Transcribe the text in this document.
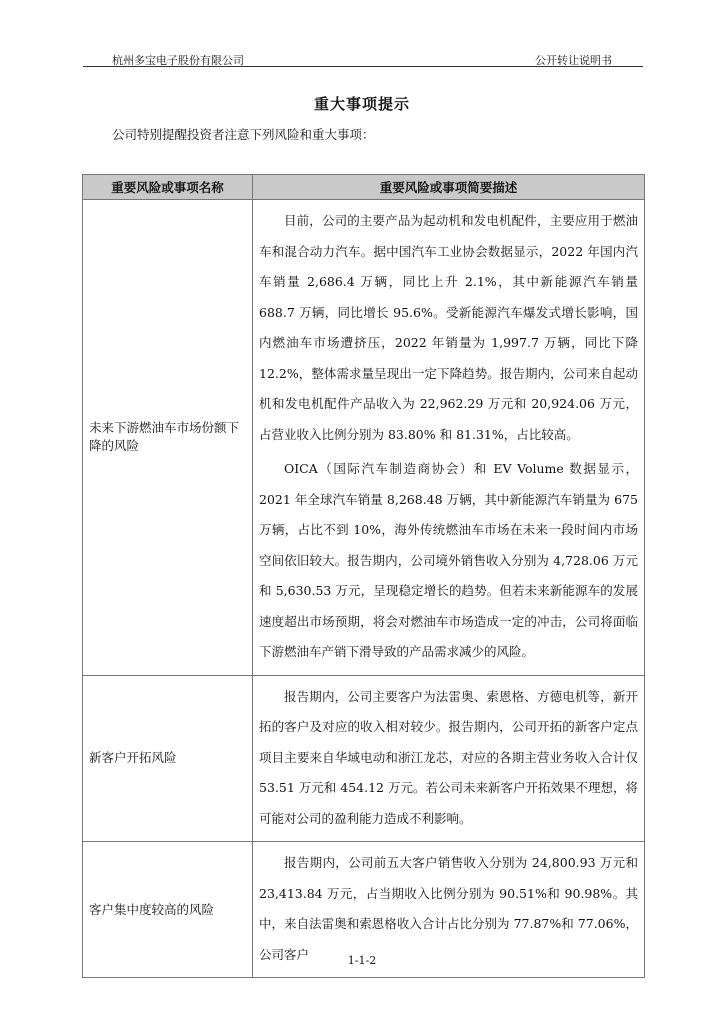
杭州多宝电子股份有限公司	公开转让说明书
重大事项提示
公司特别提醒投资者注意下列风险和重大事项：
重要风险或事项名称	重要风险或事项简要描述
未来下游燃油车市场份额下降的风险	目前，公司的主要产品为起动机和发电机配件，主要应用于燃油车和混合动力汽车。据中国汽车工业协会数据显示，2022 年国内汽车销量 2,686.4 万辆，同比上升 2.1%，其中新能源汽车销量 688.7 万辆，同比增长 95.6%。受新能源汽车爆发式增长影响，国内燃油车市场遭挤压，2022 年销量为 1,997.7 万辆，同比下降 12.2%，整体需求量呈现出一定下降趋势。报告期内，公司来自起动机和发电机配件产品收入为 22,962.29 万元和 20,924.06 万元，占营业收入比例分别为 83.80% 和 81.31%，占比较高。

OICA（国际汽车制造商协会）和 EV Volume 数据显示，2021 年全球汽车销量 8,268.48 万辆，其中新能源汽车销量为 675 万辆，占比不到 10%，海外传统燃油车市场在未来一段时间内市场空间依旧较大。报告期内，公司境外销售收入分别为 4,728.06 万元和 5,630.53 万元，呈现稳定增长的趋势。但若未来新能源车的发展速度超出市场预期，将会对燃油车市场造成一定的冲击，公司将面临下游燃油车产销下滑导致的产品需求减少的风险。

新客户开拓风险	报告期内，公司主要客户为法雷奥、索恩格、方德电机等，新开拓的客户及对应的收入相对较少。报告期内，公司开拓的新客户定点项目主要来自华域电动和浙江龙芯，对应的各期主营业务收入合计仅 53.51 万元和 454.12 万元。若公司未来新客户开拓效果不理想，将可能对公司的盈利能力造成不利影响。

客户集中度较高的风险	报告期内，公司前五大客户销售收入分别为 24,800.93 万元和 23,413.84 万元，占当期收入比例分别为 90.51%和 90.98%。其中，来自法雷奥和索恩格收入合计占比分别为 77.87%和 77.06%，公司客户	1-1-2
